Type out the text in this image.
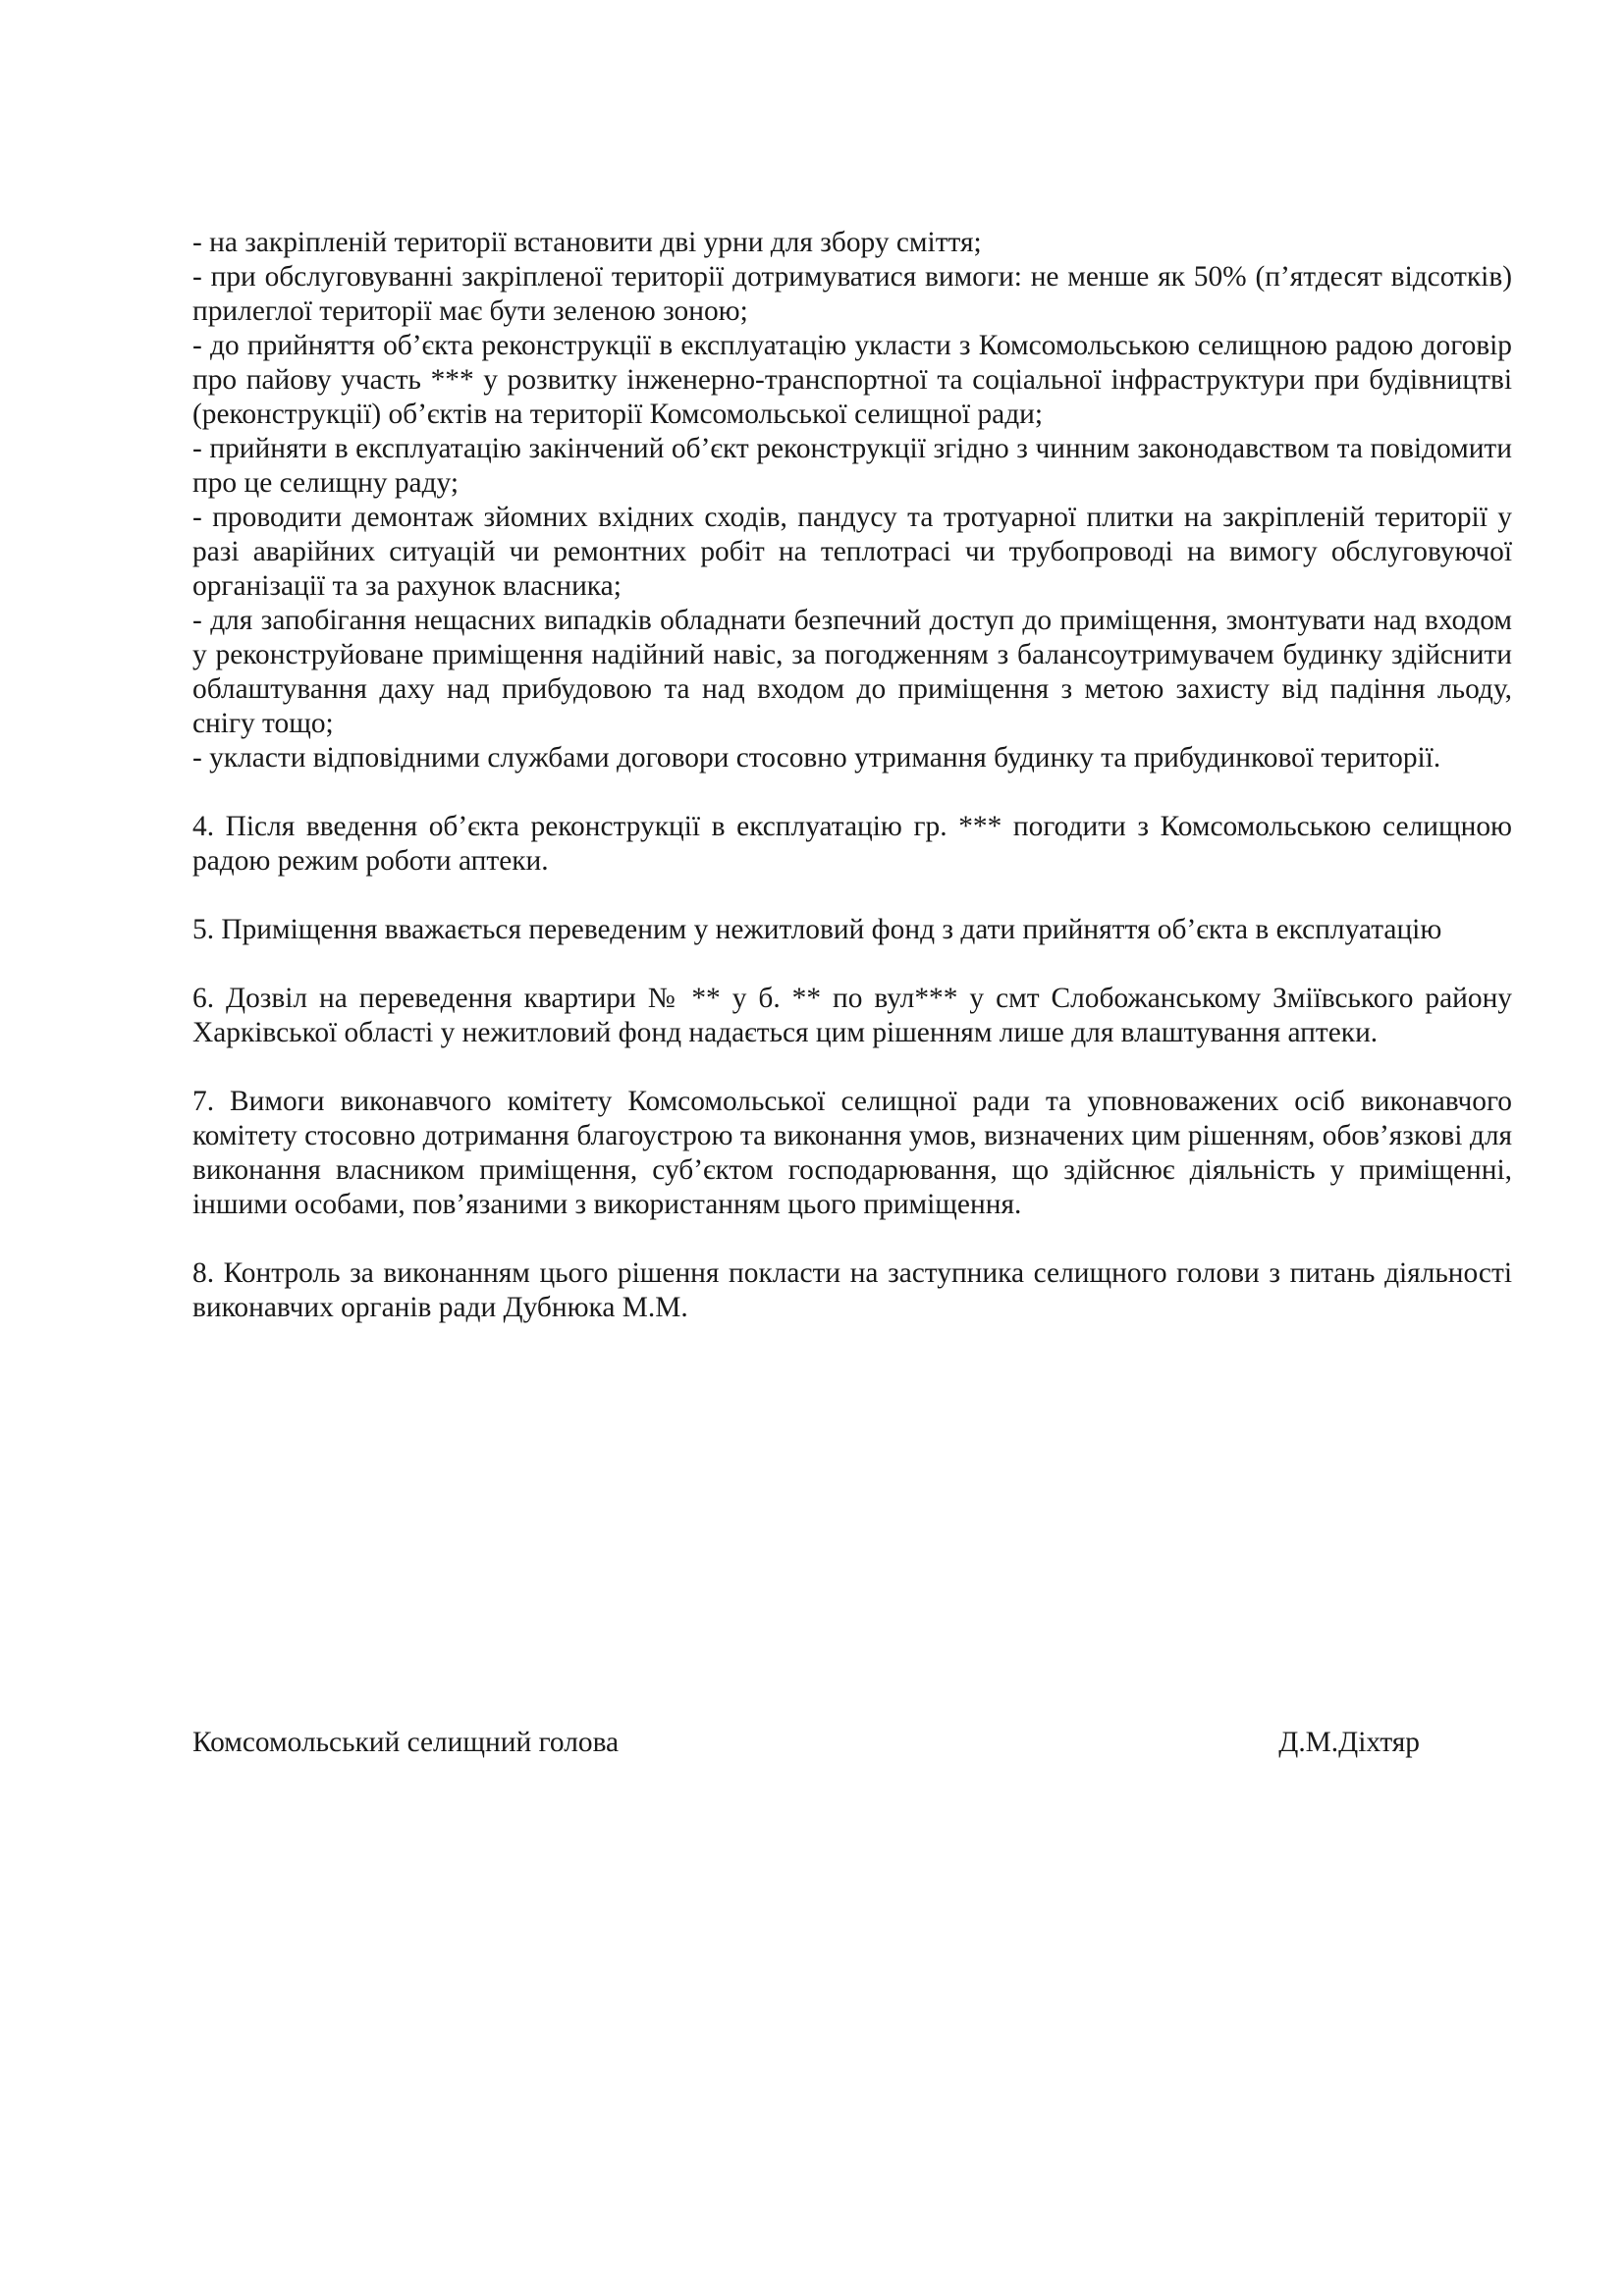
- на закріпленій території встановити дві урни для збору сміття;

- при обслуговуванні закріпленої території дотримуватися вимоги: не менше як 50% (п’ятдесят відсотків) прилеглої території має бути зеленою зоною;

- до прийняття об’єкта реконструкції в експлуатацію укласти з Комсомольською селищною радою договір про пайову участь *** у розвитку інженерно-транспортної та соціальної інфраструктури при будівництві (реконструкції) об’єктів на території Комсомольської селищної ради;

- прийняти в експлуатацію закінчений об’єкт реконструкції згідно з чинним законодавством та повідомити про це селищну раду;

- проводити демонтаж зйомних вхідних сходів, пандусу та тротуарної плитки на закріпленій території у разі аварійних ситуацій чи ремонтних робіт на теплотрасі чи трубопроводі на вимогу обслуговуючої організації та за рахунок власника;

- для запобігання нещасних випадків обладнати безпечний доступ до приміщення, змонтувати над входом у реконструйоване приміщення надійний навіс, за погодженням з балансоутримувачем будинку здійснити облаштування даху над прибудовою та над входом до приміщення з метою захисту від падіння льоду, снігу тощо;

- укласти відповідними службами договори стосовно утримання будинку та прибудинкової території.

4. Після введення об’єкта реконструкції в експлуатацію гр. *** погодити з Комсомольською селищною радою режим роботи аптеки.

5. Приміщення вважається переведеним у нежитловий фонд з дати прийняття об’єкта в експлуатацію

6. Дозвіл на переведення квартири № ** у б. ** по вул*** у смт Слобожанському Зміївського району Харківської області у нежитловий фонд надається цим рішенням лише для влаштування аптеки.

7. Вимоги виконавчого комітету Комсомольської селищної ради та уповноважених осіб виконавчого комітету стосовно дотримання благоустрою та виконання умов, визначених цим рішенням, обов’язкові для виконання власником приміщення, суб’єктом господарювання, що здійснює діяльність у приміщенні, іншими особами, пов’язаними з використанням цього приміщення.

8. Контроль за виконанням цього рішення покласти на заступника селищного голови з питань діяльності виконавчих органів ради Дубнюка М.М.

Комсомольський селищний голова	Д.М.Діхтяр
